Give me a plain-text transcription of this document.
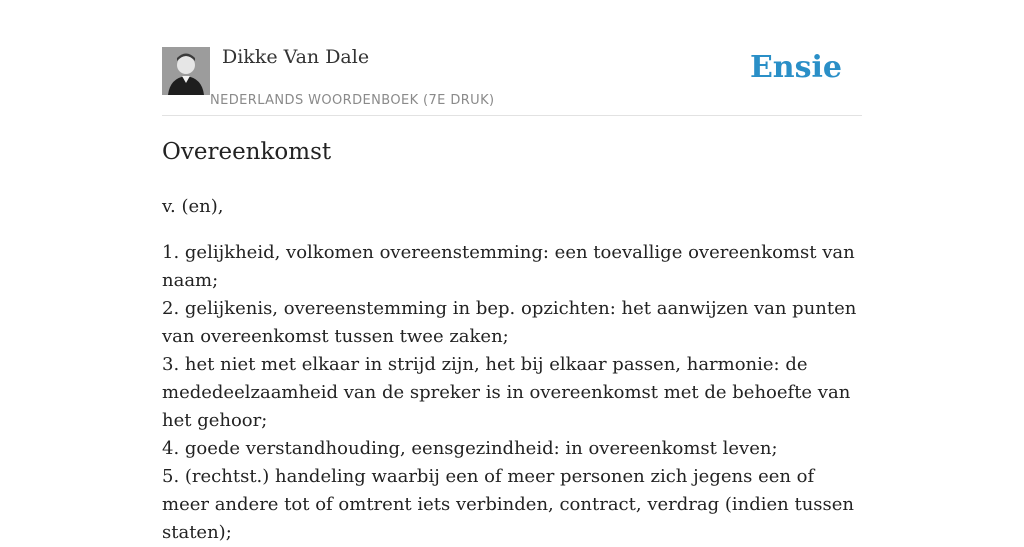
Dikke Van Dale
NEDERLANDS WOORDENBOEK (7E DRUK)
Ensie
Overeenkomst
v. (en),
1. gelijkheid, volkomen overeenstemming: een toevallige overeenkomst van naam;
2. gelijkenis, overeenstemming in bep. opzichten: het aanwijzen van punten van overeenkomst tussen twee zaken;
3. het niet met elkaar in strijd zijn, het bij elkaar passen, harmonie: de mededeelzaamheid van de spreker is in overeenkomst met de behoefte van het gehoor;
4. goede verstandhouding, eensgezindheid: in overeenkomst leven;
5. (rechtst.) handeling waarbij een of meer personen zich jegens een of meer andere tot of omtrent iets verbinden, contract, verdrag (indien tussen staten);
